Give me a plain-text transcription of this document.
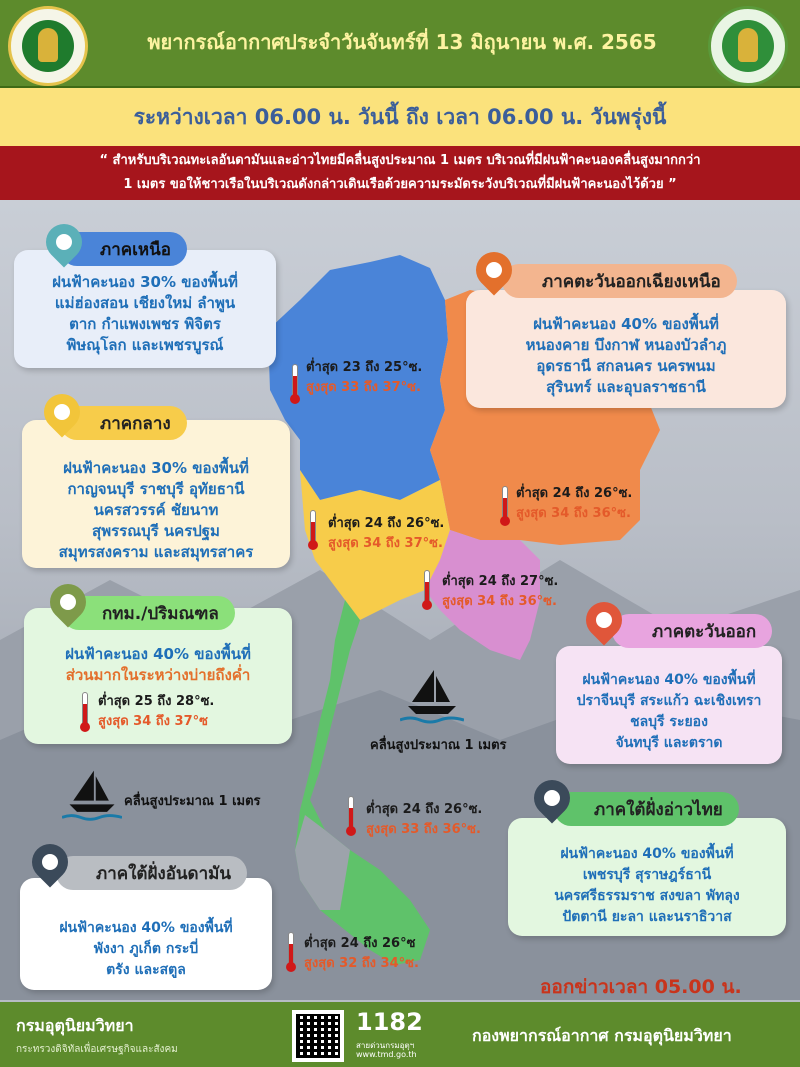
พยากรณ์อากาศประจำวันจันทร์ที่ 13 มิถุนายน พ.ศ. 2565
ระหว่างเวลา 06.00 น. วันนี้ ถึง เวลา 06.00 น. วันพรุ่งนี้
“ สำหรับบริเวณทะเลอันดามันและอ่าวไทยมีคลื่นสูงประมาณ 1 เมตร บริเวณที่มีฝนฟ้าคะนองคลื่นสูงมากกว่า
1 เมตร ขอให้ชาวเรือในบริเวณดังกล่าวเดินเรือด้วยความระมัดระวังบริเวณที่มีฝนฟ้าคะนองไว้ด้วย ”
ฝนฟ้าคะนอง 30% ของพื้นที่
แม่ฮ่องสอน เชียงใหม่ ลำพูน
ตาก กำแพงเพชร พิจิตร
พิษณุโลก และเพชรบูรณ์
ภาคเหนือ
ฝนฟ้าคะนอง 40% ของพื้นที่
หนองคาย บึงกาฬ หนองบัวลำภู
อุดรธานี สกลนคร นครพนม
สุรินทร์ และอุบลราชธานี
ภาคตะวันออกเฉียงเหนือ
ต่ำสุด 23 ถึง 25°ซ.
สูงสุด 33 ถึง 37°ซ.
ฝนฟ้าคะนอง 30% ของพื้นที่
กาญจนบุรี ราชบุรี อุทัยธานี
นครสวรรค์ ชัยนาท
สุพรรณบุรี นครปฐม
สมุทรสงคราม และสมุทรสาคร
ภาคกลาง
ต่ำสุด 24 ถึง 26°ซ.
สูงสุด 34 ถึง 36°ซ.
ต่ำสุด 24 ถึง 26°ซ.
สูงสุด 34 ถึง 37°ซ.
ต่ำสุด 24 ถึง 27°ซ.
สูงสุด 34 ถึง 36°ซ.
ฝนฟ้าคะนอง 40% ของพื้นที่
ส่วนมากในระหว่างบ่ายถึงค่ำ
กทม./ปริมณฑล
ต่ำสุด 25 ถึง 28°ซ.
สูงสุด 34 ถึง 37°ซ
ฝนฟ้าคะนอง 40% ของพื้นที่
ปราจีนบุรี สระแก้ว ฉะเชิงเทรา
ชลบุรี ระยอง
จันทบุรี และตราด
ภาคตะวันออก
คลื่นสูงประมาณ 1 เมตร
คลื่นสูงประมาณ 1 เมตร
ต่ำสุด 24 ถึง 26°ซ.
สูงสุด 33 ถึง 36°ซ.
ฝนฟ้าคะนอง 40% ของพื้นที่
เพชรบุรี สุราษฎร์ธานี
นครศรีธรรมราช สงขลา พัทลุง
ปัตตานี ยะลา และนราธิวาส
ภาคใต้ฝั่งอ่าวไทย
ฝนฟ้าคะนอง 40% ของพื้นที่
พังงา ภูเก็ต กระบี่
ตรัง และสตูล
ภาคใต้ฝั่งอันดามัน
ต่ำสุด 24 ถึง 26°ซ
สูงสุด 32 ถึง 34°ซ.
ออกข่าวเวลา 05.00 น.
กรมอุตุนิยมวิทยา
กระทรวงดิจิทัลเพื่อเศรษฐกิจและสังคม
1182
สายด่วนกรมอุตุฯ
www.tmd.go.th
กองพยากรณ์อากาศ กรมอุตุนิยมวิทยา
